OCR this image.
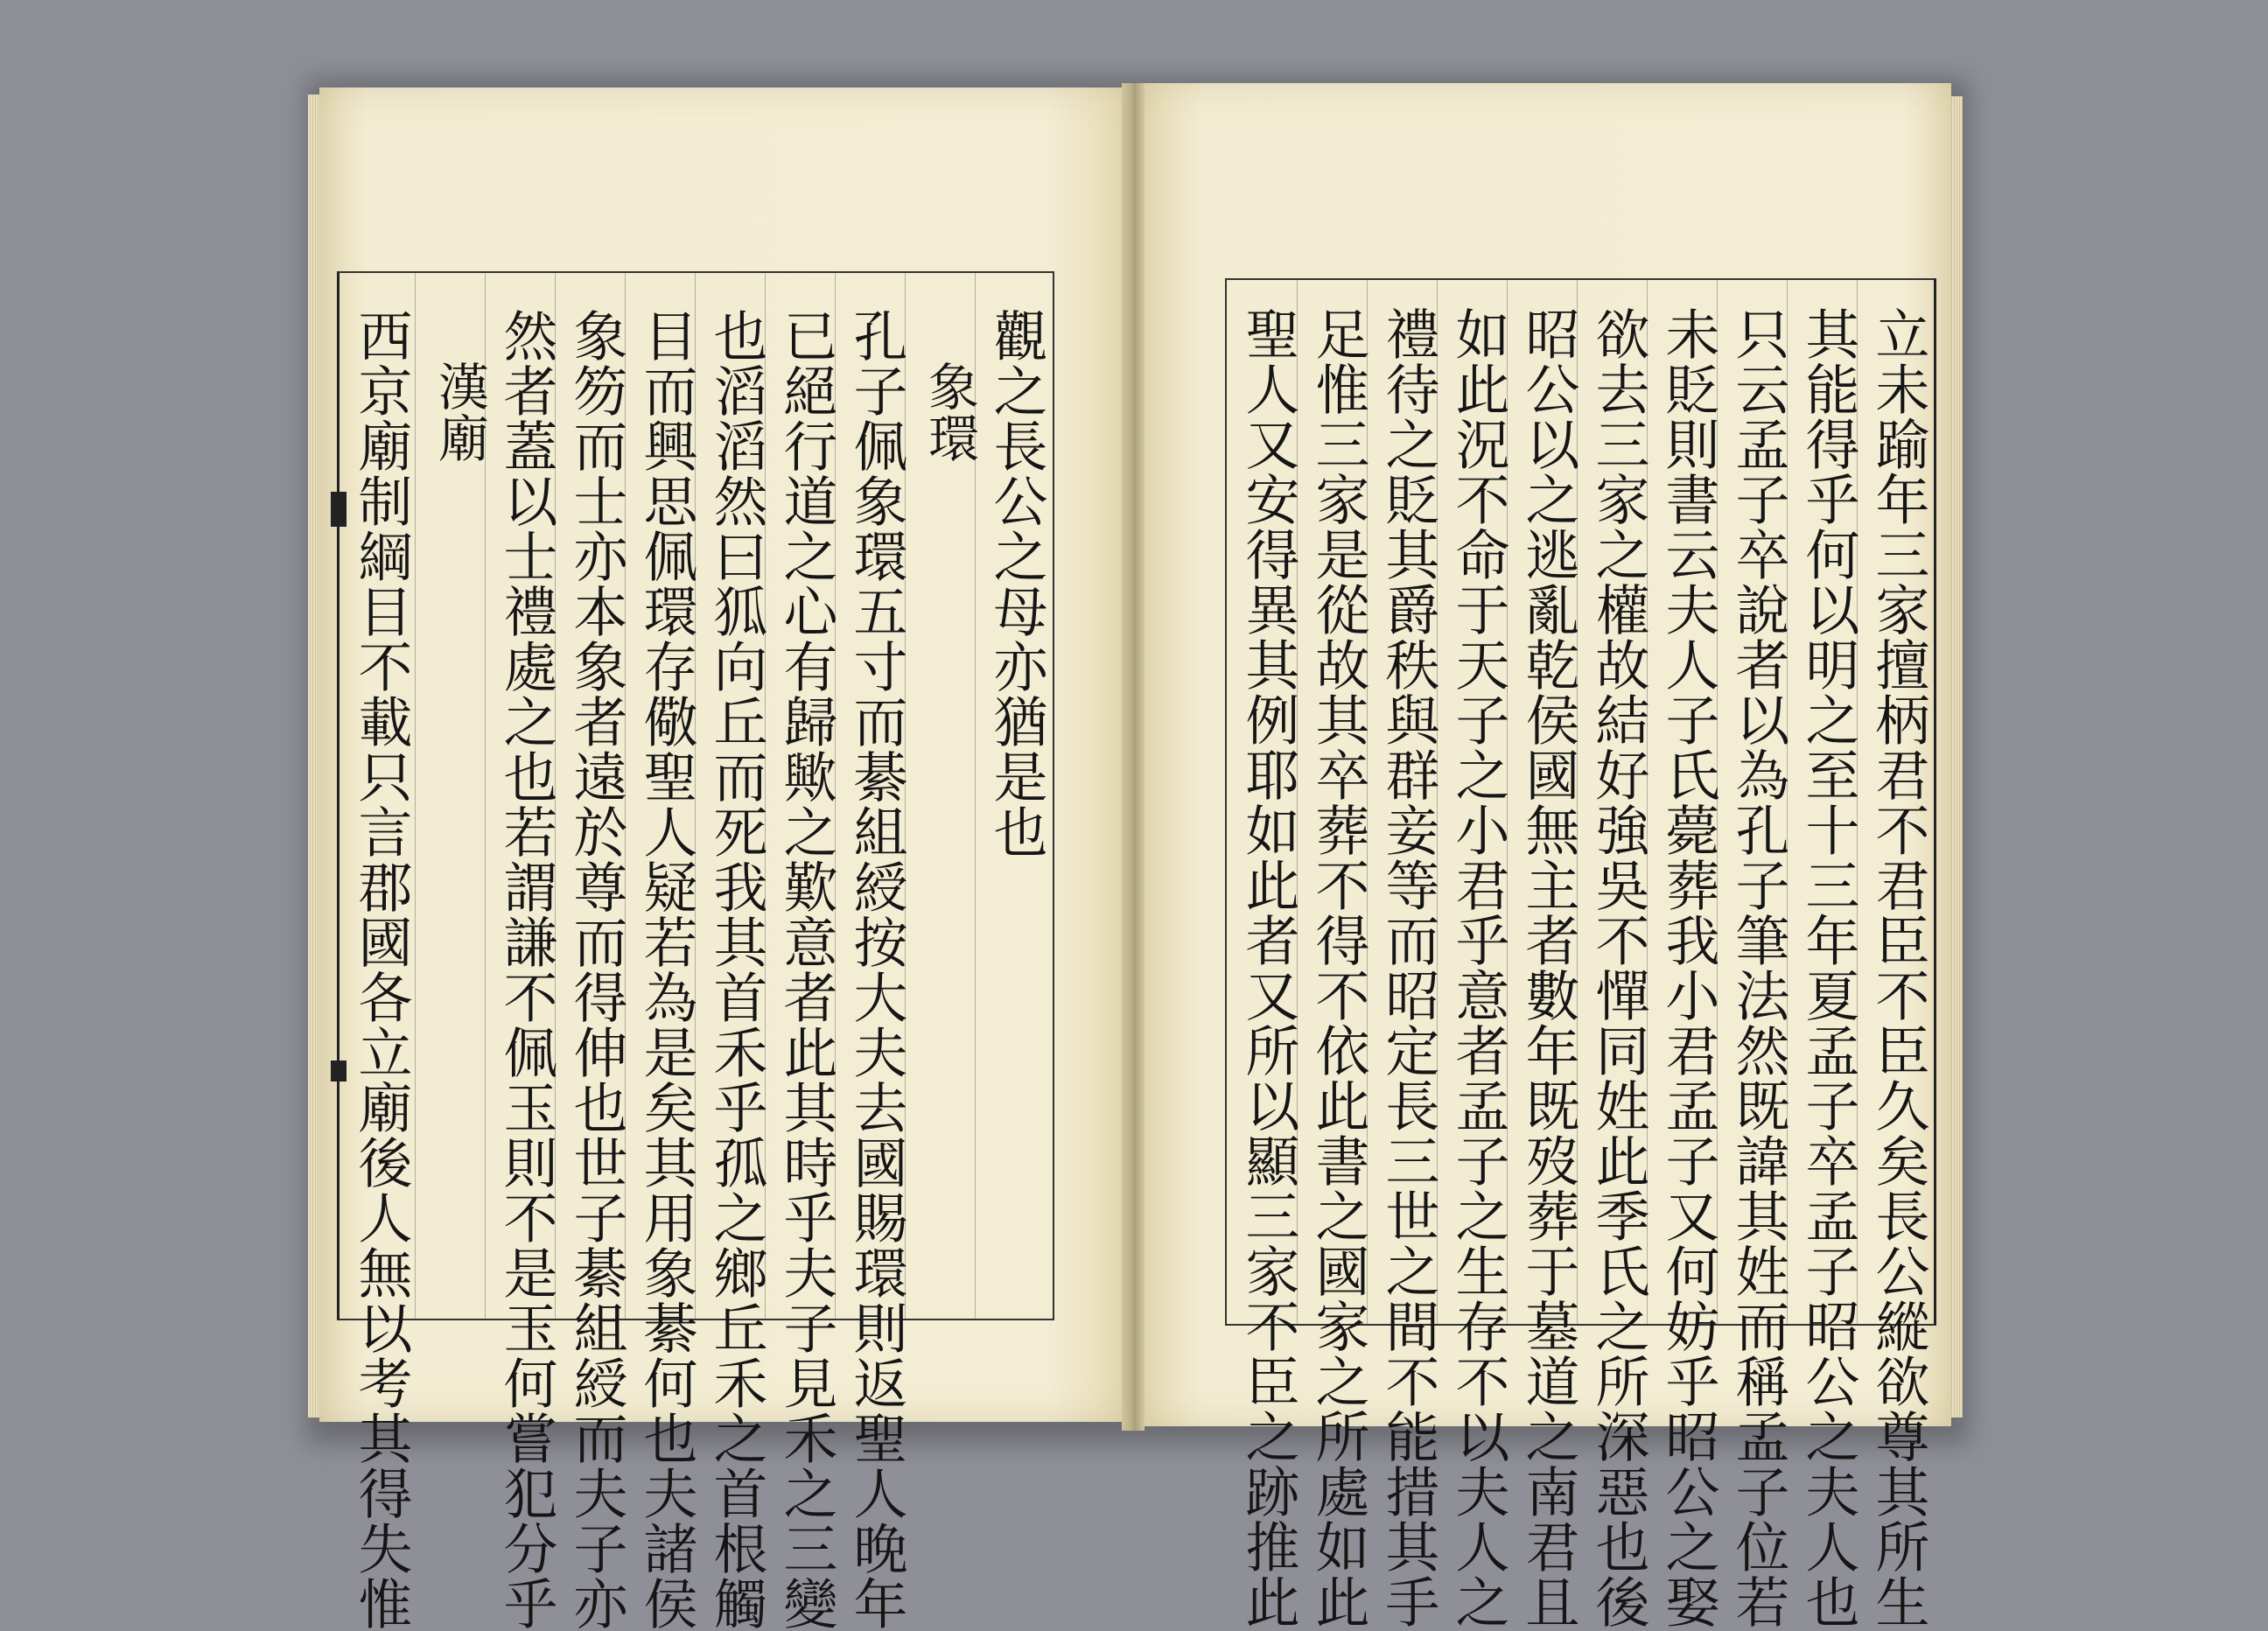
觀之長公之母亦猶是也
象環
孔子佩象環五寸而綦組綬按大夫去國賜環則返聖人晚年
已絕行道之心有歸歟之歎意者此其時乎夫子見禾之三變
也滔滔然曰狐向丘而死我其首禾乎孤之鄉丘禾之首根觸
目而興思佩環存儆聖人疑若為是矣其用象綦何也夫諸侯
象笏而士亦本象者遠於尊而得伸也世子綦組綬而夫子亦
然者蓋以士禮處之也若謂謙不佩玉則不是玉何嘗犯分乎
漢廟
西京廟制綱目不載只言郡國各立廟後人無以考其得失惟	立未踰年三家擅柄君不君臣不臣久矣長公縱欲尊其所生
其能得乎何以明之至十三年夏孟子卒孟子昭公之夫人也
只云孟子卒說者以為孔子筆法然既諱其姓而稱孟子位若
未貶則書云夫人子氏薨葬我小君孟子又何妨乎昭公之娶
欲去三家之權故結好強吳不憚同姓此季氏之所深惡也後
昭公以之逃亂乾侯國無主者數年既歿葬于墓道之南君且
如此況不命于天子之小君乎意者孟子之生存不以夫人之
禮待之貶其爵秩與群妾等而昭定長三世之間不能措其手
足惟三家是從故其卒葬不得不依此書之國家之所處如此
聖人又安得異其例耶如此者又所以顯三家不臣之跡推此
